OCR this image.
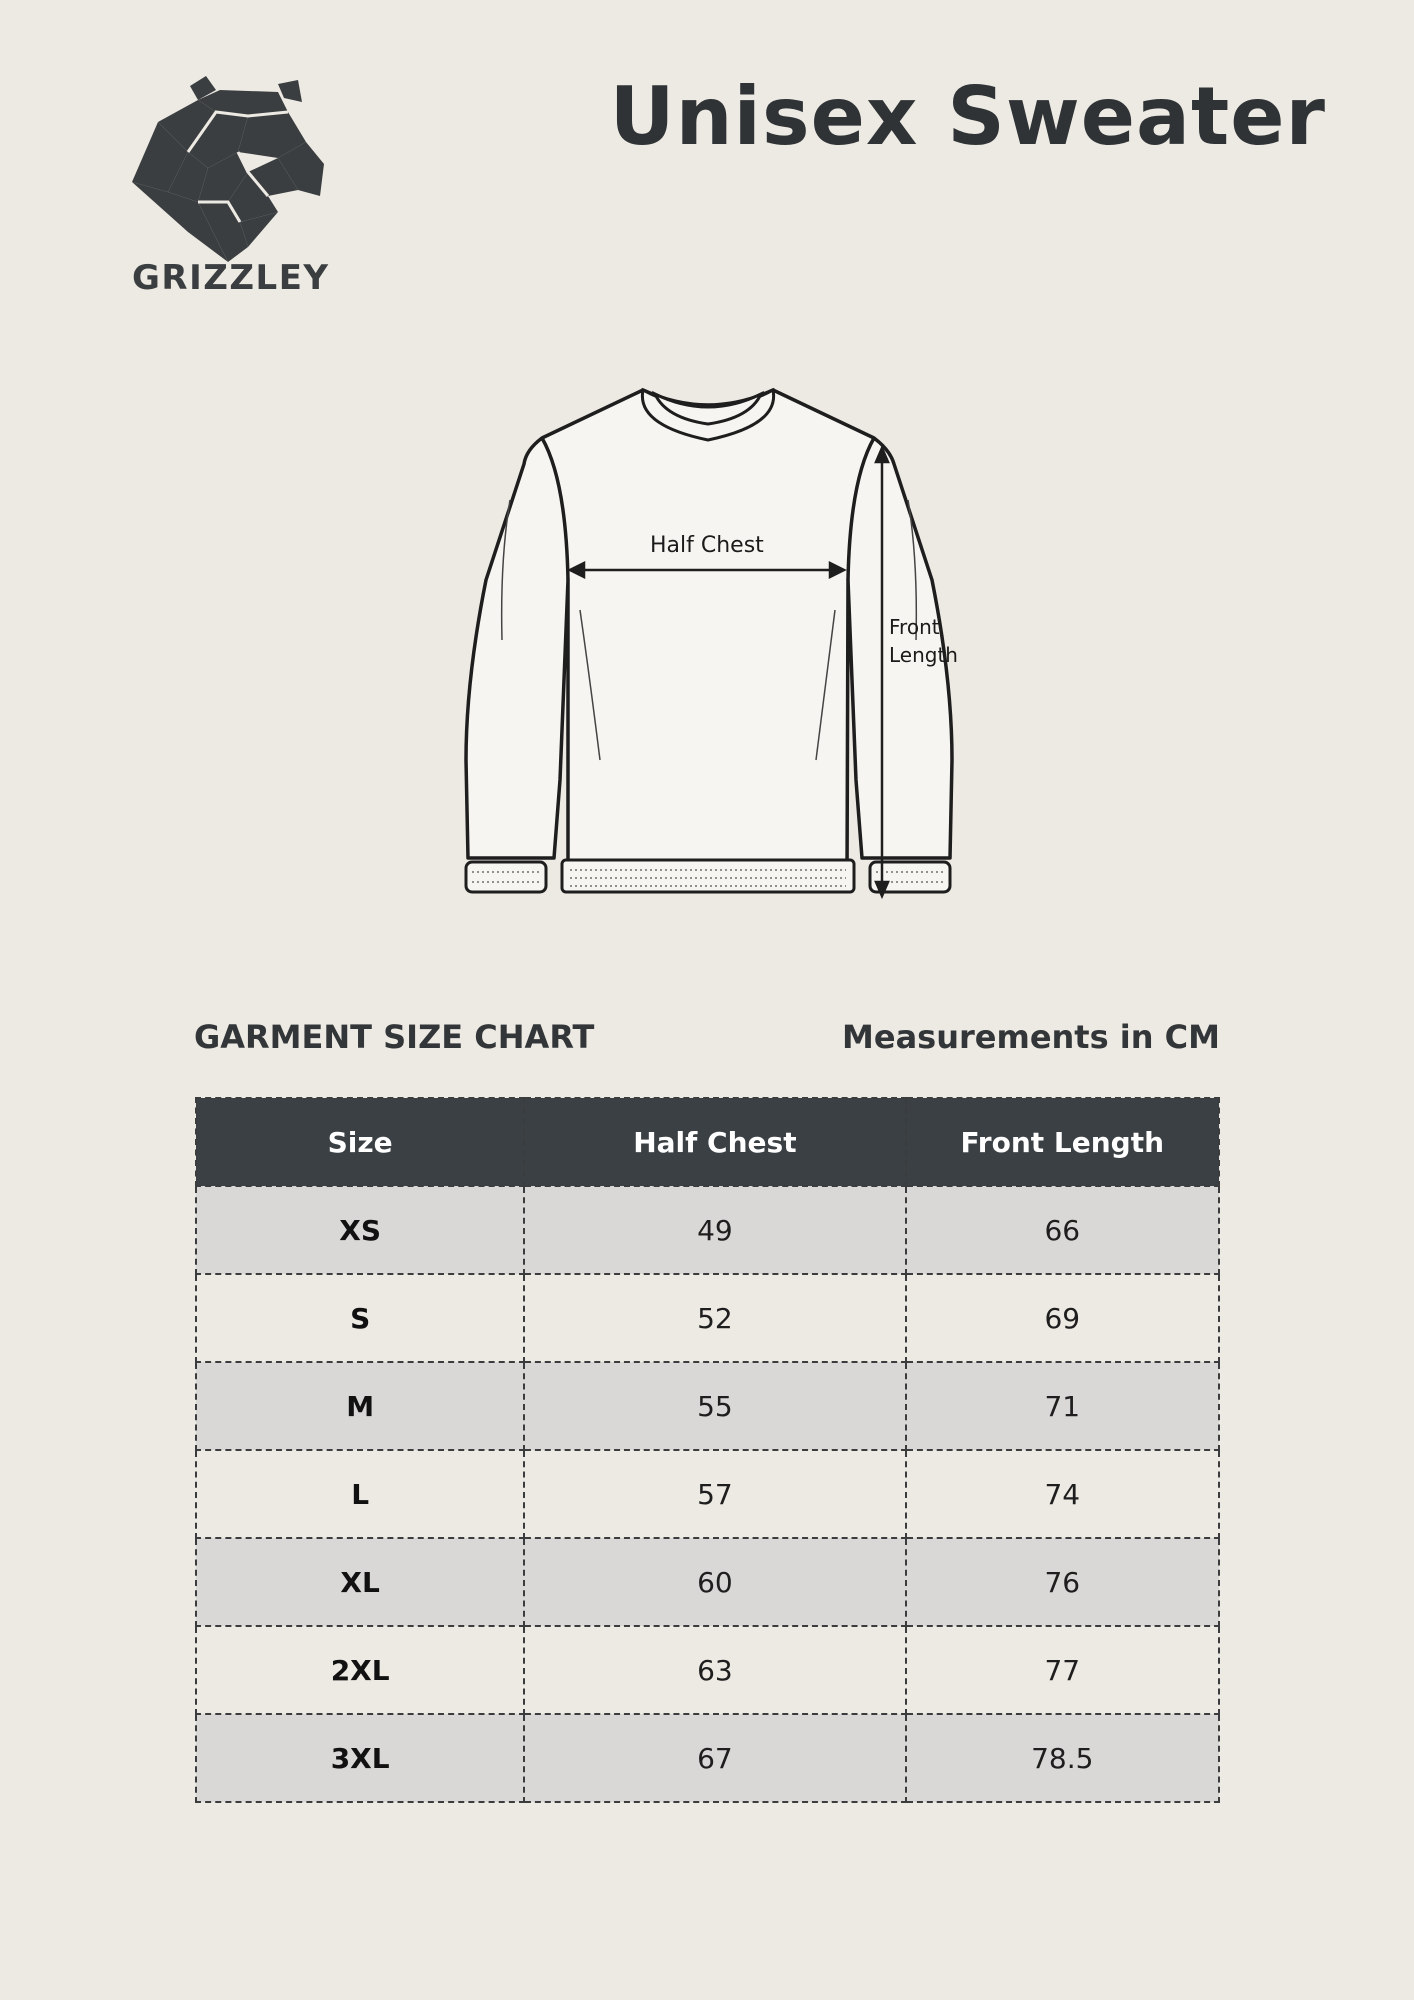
GRIZZLEY
Unisex Sweater
Half Chest
Front
Length
GARMENT SIZE CHART	Measurements in CM
Size	Half Chest	Front Length
XS	49	66
S	52	69
M	55	71
L	57	74
XL	60	76
2XL	63	77
3XL	67	78.5
